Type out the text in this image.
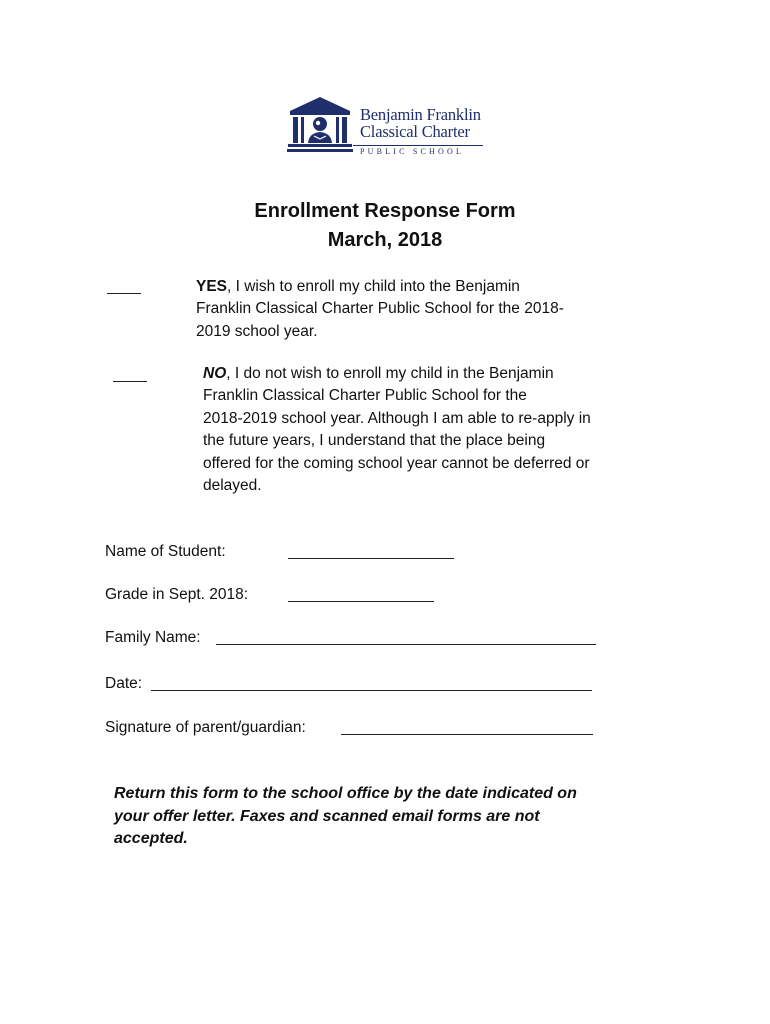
Benjamin Franklin
Classical Charter
PUBLIC SCHOOL
Enrollment Response Form
March, 2018
YES, I wish to enroll my child into the Benjamin
Franklin Classical Charter Public School for the 2018-
2019 school year.
NO, I do not wish to enroll my child in the Benjamin
Franklin Classical Charter Public School for the
2018-2019 school year. Although I am able to re-apply in
the future years, I understand that the place being
offered for the coming school year cannot be deferred or
delayed.
Name of Student:
Grade in Sept. 2018:
Family Name:
Date:
Signature of parent/guardian:
Return this form to the school office by the date indicated on
your offer letter. Faxes and scanned email forms are not
accepted.
